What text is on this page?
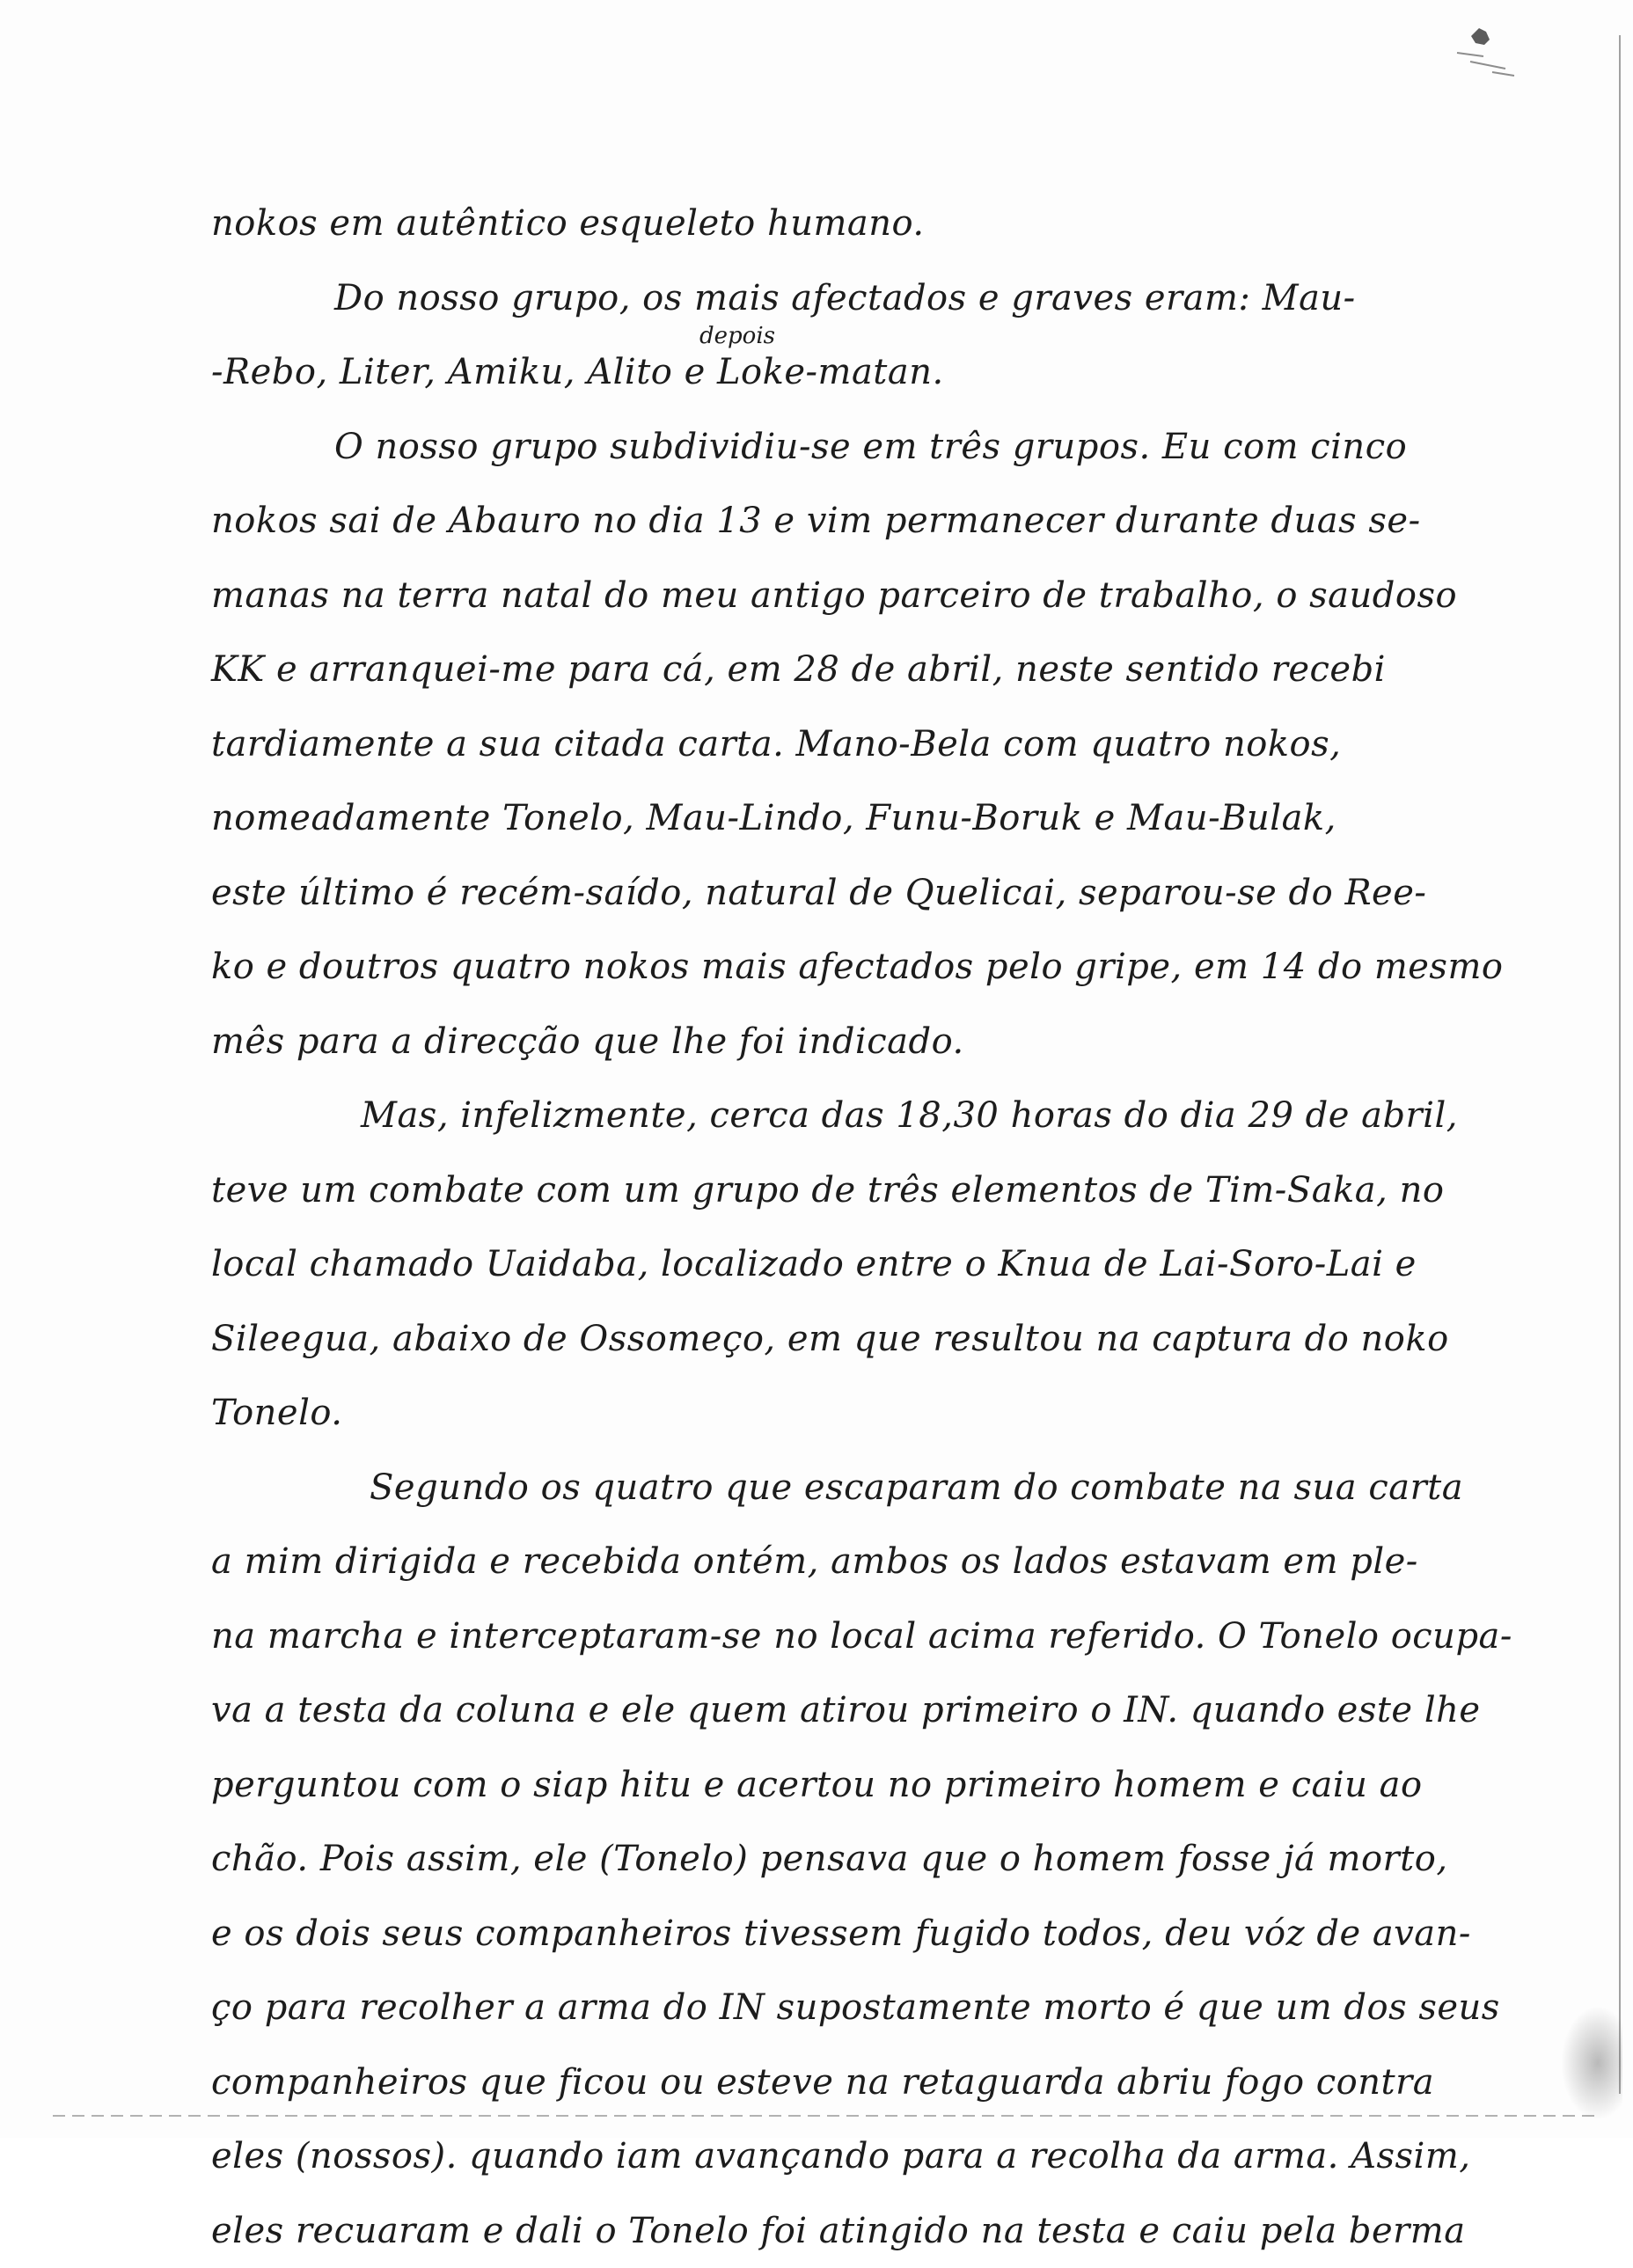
depois
nokos em autêntico esqueleto humano.
Do nosso grupo, os mais afectados e graves eram: Mau-
-Rebo, Liter, Amiku, Alito e Loke-matan.
O nosso grupo subdividiu-se em três grupos. Eu com cinco
nokos sai de Abauro no dia 13 e vim permanecer durante duas se-
manas na terra natal do meu antigo parceiro de trabalho, o saudoso
KK e arranquei-me para cá, em 28 de abril, neste sentido recebi
tardiamente a sua citada carta. Mano-Bela com quatro nokos,
nomeadamente Tonelo, Mau-Lindo, Funu-Boruk e Mau-Bulak,
este último é recém-saído, natural de Quelicai, separou-se do Ree-
ko e doutros quatro nokos mais afectados pelo gripe, em 14 do mesmo
mês para a direcção que lhe foi indicado.
Mas, infelizmente, cerca das 18,30 horas do dia 29 de abril,
teve um combate com um grupo de três elementos de Tim-Saka, no
local chamado Uaidaba, localizado entre o Knua de Lai-Soro-Lai e
Sileegua, abaixo de Ossomeço, em que resultou na captura do noko
Tonelo.
Segundo os quatro que escaparam do combate na sua carta
a mim dirigida e recebida ontém, ambos os lados estavam em ple-
na marcha e interceptaram-se no local acima referido. O Tonelo ocupa-
va a testa da coluna e ele quem atirou primeiro o IN. quando este lhe
perguntou com o siap hitu e acertou no primeiro homem e caiu ao
chão. Pois assim, ele (Tonelo) pensava que o homem fosse já morto,
e os dois seus companheiros tivessem fugido todos, deu vóz de avan-
ço para recolher a arma do IN supostamente morto é que um dos seus
companheiros que ficou ou esteve na retaguarda abriu fogo contra
eles (nossos). quando iam avançando para a recolha da arma. Assim,
eles recuaram e dali o Tonelo foi atingido na testa e caiu pela berma
